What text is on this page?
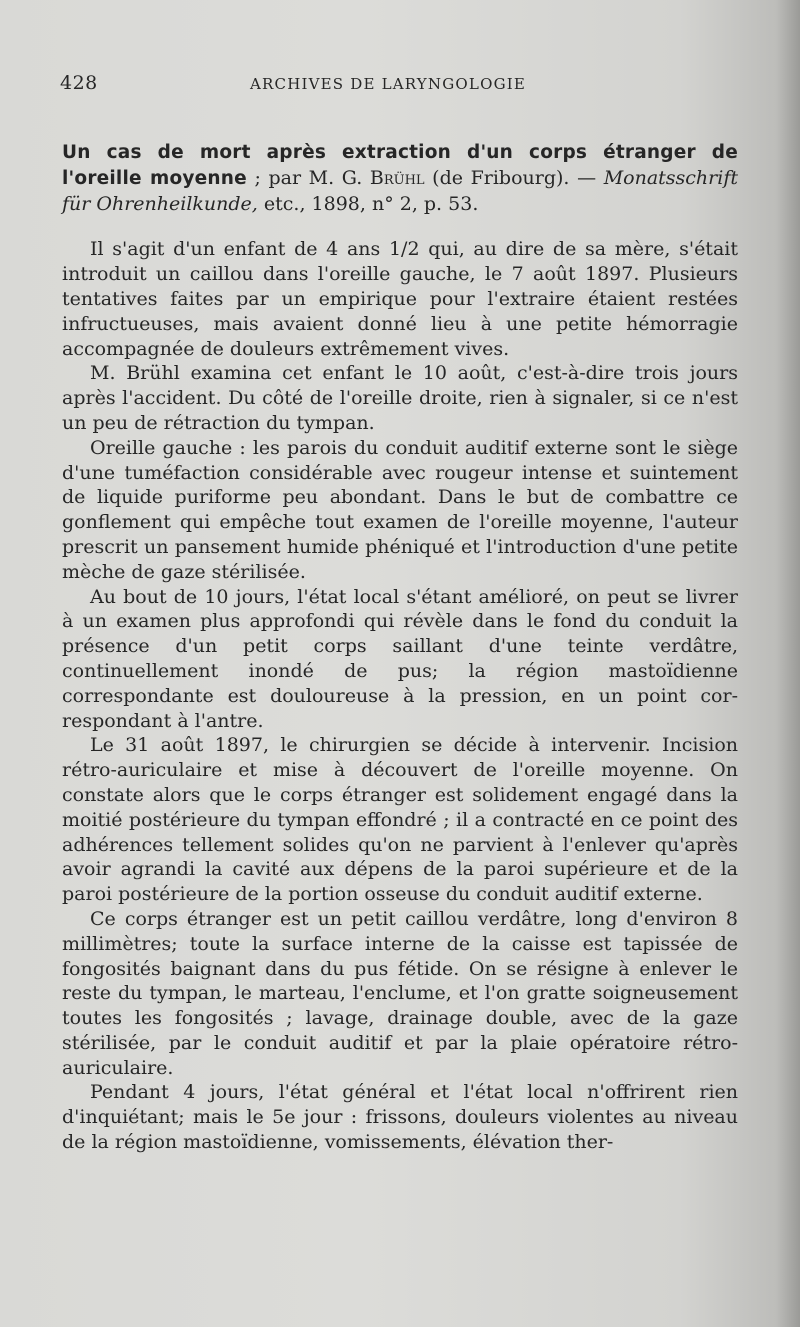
428	ARCHIVES DE LARYNGOLOGIE

Un cas de mort après extraction d'un corps étranger de l'oreille moyenne ; par M. G. Brühl (de Fribourg). — Monatsschrift für Ohrenheilkunde, etc., 1898, n° 2, p. 53.

Il s'agit d'un enfant de 4 ans 1/2 qui, au dire de sa mère, s'était introduit un caillou dans l'oreille gauche, le 7 août 1897. Plusieurs tentatives faites par un empirique pour l'extraire étaient restées infructueuses, mais avaient donné lieu à une petite hémorragie accompagnée de douleurs extrêmement vives.

M. Brühl examina cet enfant le 10 août, c'est-à-dire trois jours après l'accident. Du côté de l'oreille droite, rien à signaler, si ce n'est un peu de rétraction du tympan.

Oreille gauche : les parois du conduit auditif externe sont le siège d'une tuméfaction considérable avec rougeur intense et suintement de liquide puriforme peu abondant. Dans le but de combattre ce gonflement qui empêche tout examen de l'oreille moyenne, l'auteur prescrit un pansement humide phéniqué et l'introduction d'une petite mèche de gaze stérilisée.

Au bout de 10 jours, l'état local s'étant amélioré, on peut se livrer à un examen plus approfondi qui révèle dans le fond du conduit la présence d'un petit corps saillant d'une teinte verdâtre, continuellement inondé de pus; la région mastoïdienne correspondante est douloureuse à la pression, en un point correspondant à l'antre.

Le 31 août 1897, le chirurgien se décide à intervenir. Incision rétro-auriculaire et mise à découvert de l'oreille moyenne. On constate alors que le corps étranger est solidement engagé dans la moitié postérieure du tympan effondré ; il a contracté en ce point des adhérences tellement solides qu'on ne parvient à l'enlever qu'après avoir agrandi la cavité aux dépens de la paroi supérieure et de la paroi postérieure de la portion osseuse du conduit auditif externe.

Ce corps étranger est un petit caillou verdâtre, long d'environ 8 millimètres; toute la surface interne de la caisse est tapissée de fongosités baignant dans du pus fétide. On se résigne à enlever le reste du tympan, le marteau, l'enclume, et l'on gratte soigneusement toutes les fongosités ; lavage, drainage double, avec de la gaze stérilisée, par le conduit auditif et par la plaie opératoire rétro-auriculaire.

Pendant 4 jours, l'état général et l'état local n'offrirent rien d'inquiétant; mais le 5e jour : frissons, douleurs violentes au niveau de la région mastoïdienne, vomissements, élévation ther-
